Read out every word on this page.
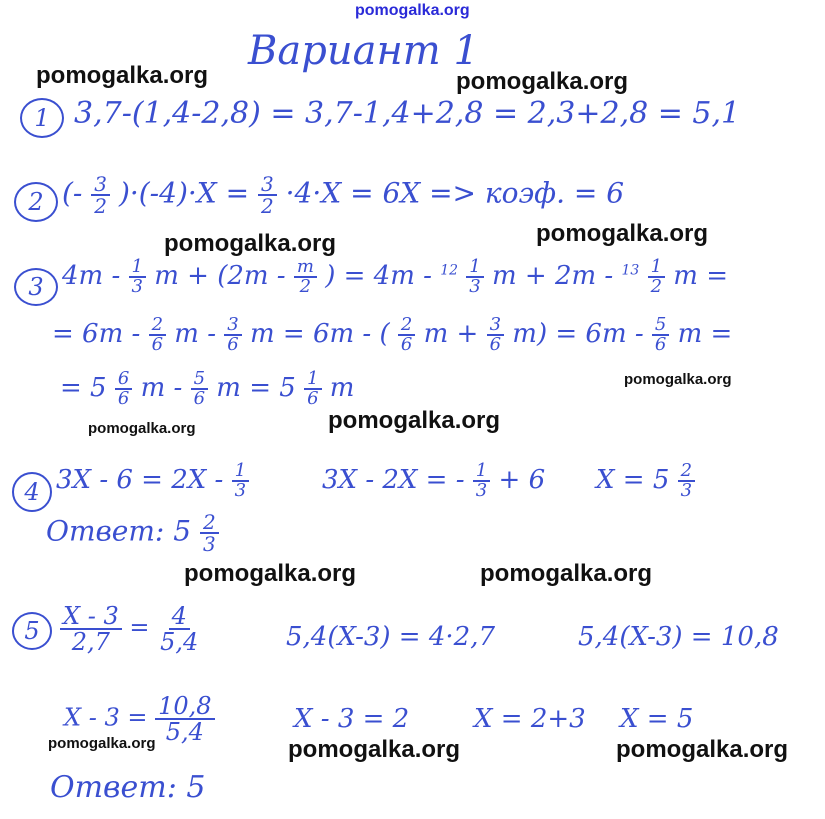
pomogalka.org
Вариант 1
pomogalka.org	pomogalka.org
pomogalka.org	pomogalka.org
pomogalka.org
pomogalka.org	pomogalka.org
pomogalka.org	pomogalka.org
pomogalka.org	pomogalka.org	pomogalka.org
1 3,7-(1,4-2,8) = 3,7-1,4+2,8 = 2,3+2,8 = 5,1
2 (- $\frac{3}{2} )\cdot(-4)\cdot X = \frac{3}{2} \cdot 4\cdot X = 6X$ => коэф. = 6
3 $4m - \frac{1}{3}$ $m + (2m - \frac{m}{2}$ ) = $4m - ^{12} \frac{1}{3}$ $m + 2m - ^{13} \frac{1}{2}$ m =
= $6m - \frac{2}{6}$ m - $\frac{3}{6}$ m = 6m - ( $\frac{2}{6}$ $m + \frac{3}{6} m) = 6m - \frac{5}{6}$ m =
= $5 \frac{6}{6}$ m - $\frac{5}{6}$ $m = 5 \frac{1}{6}$ m
4 $3X - 6 = 2X - \frac{1}{3}$	3X - 2X = - $\frac{1}{3} + 6$ $X = 5 \frac{2}{3}$
Ответ: $5 \frac{2}{3}$
$5 \frac{X - 3}{2,7} = \frac{4}{5,4}$	5,4(X-3) = 4·2,7	5,4(X-3) = 10,8
$X - 3 = \frac{10,8}{5,4}$	X - 3 = 2 X = 2+3 X = 5
Ответ: 5
